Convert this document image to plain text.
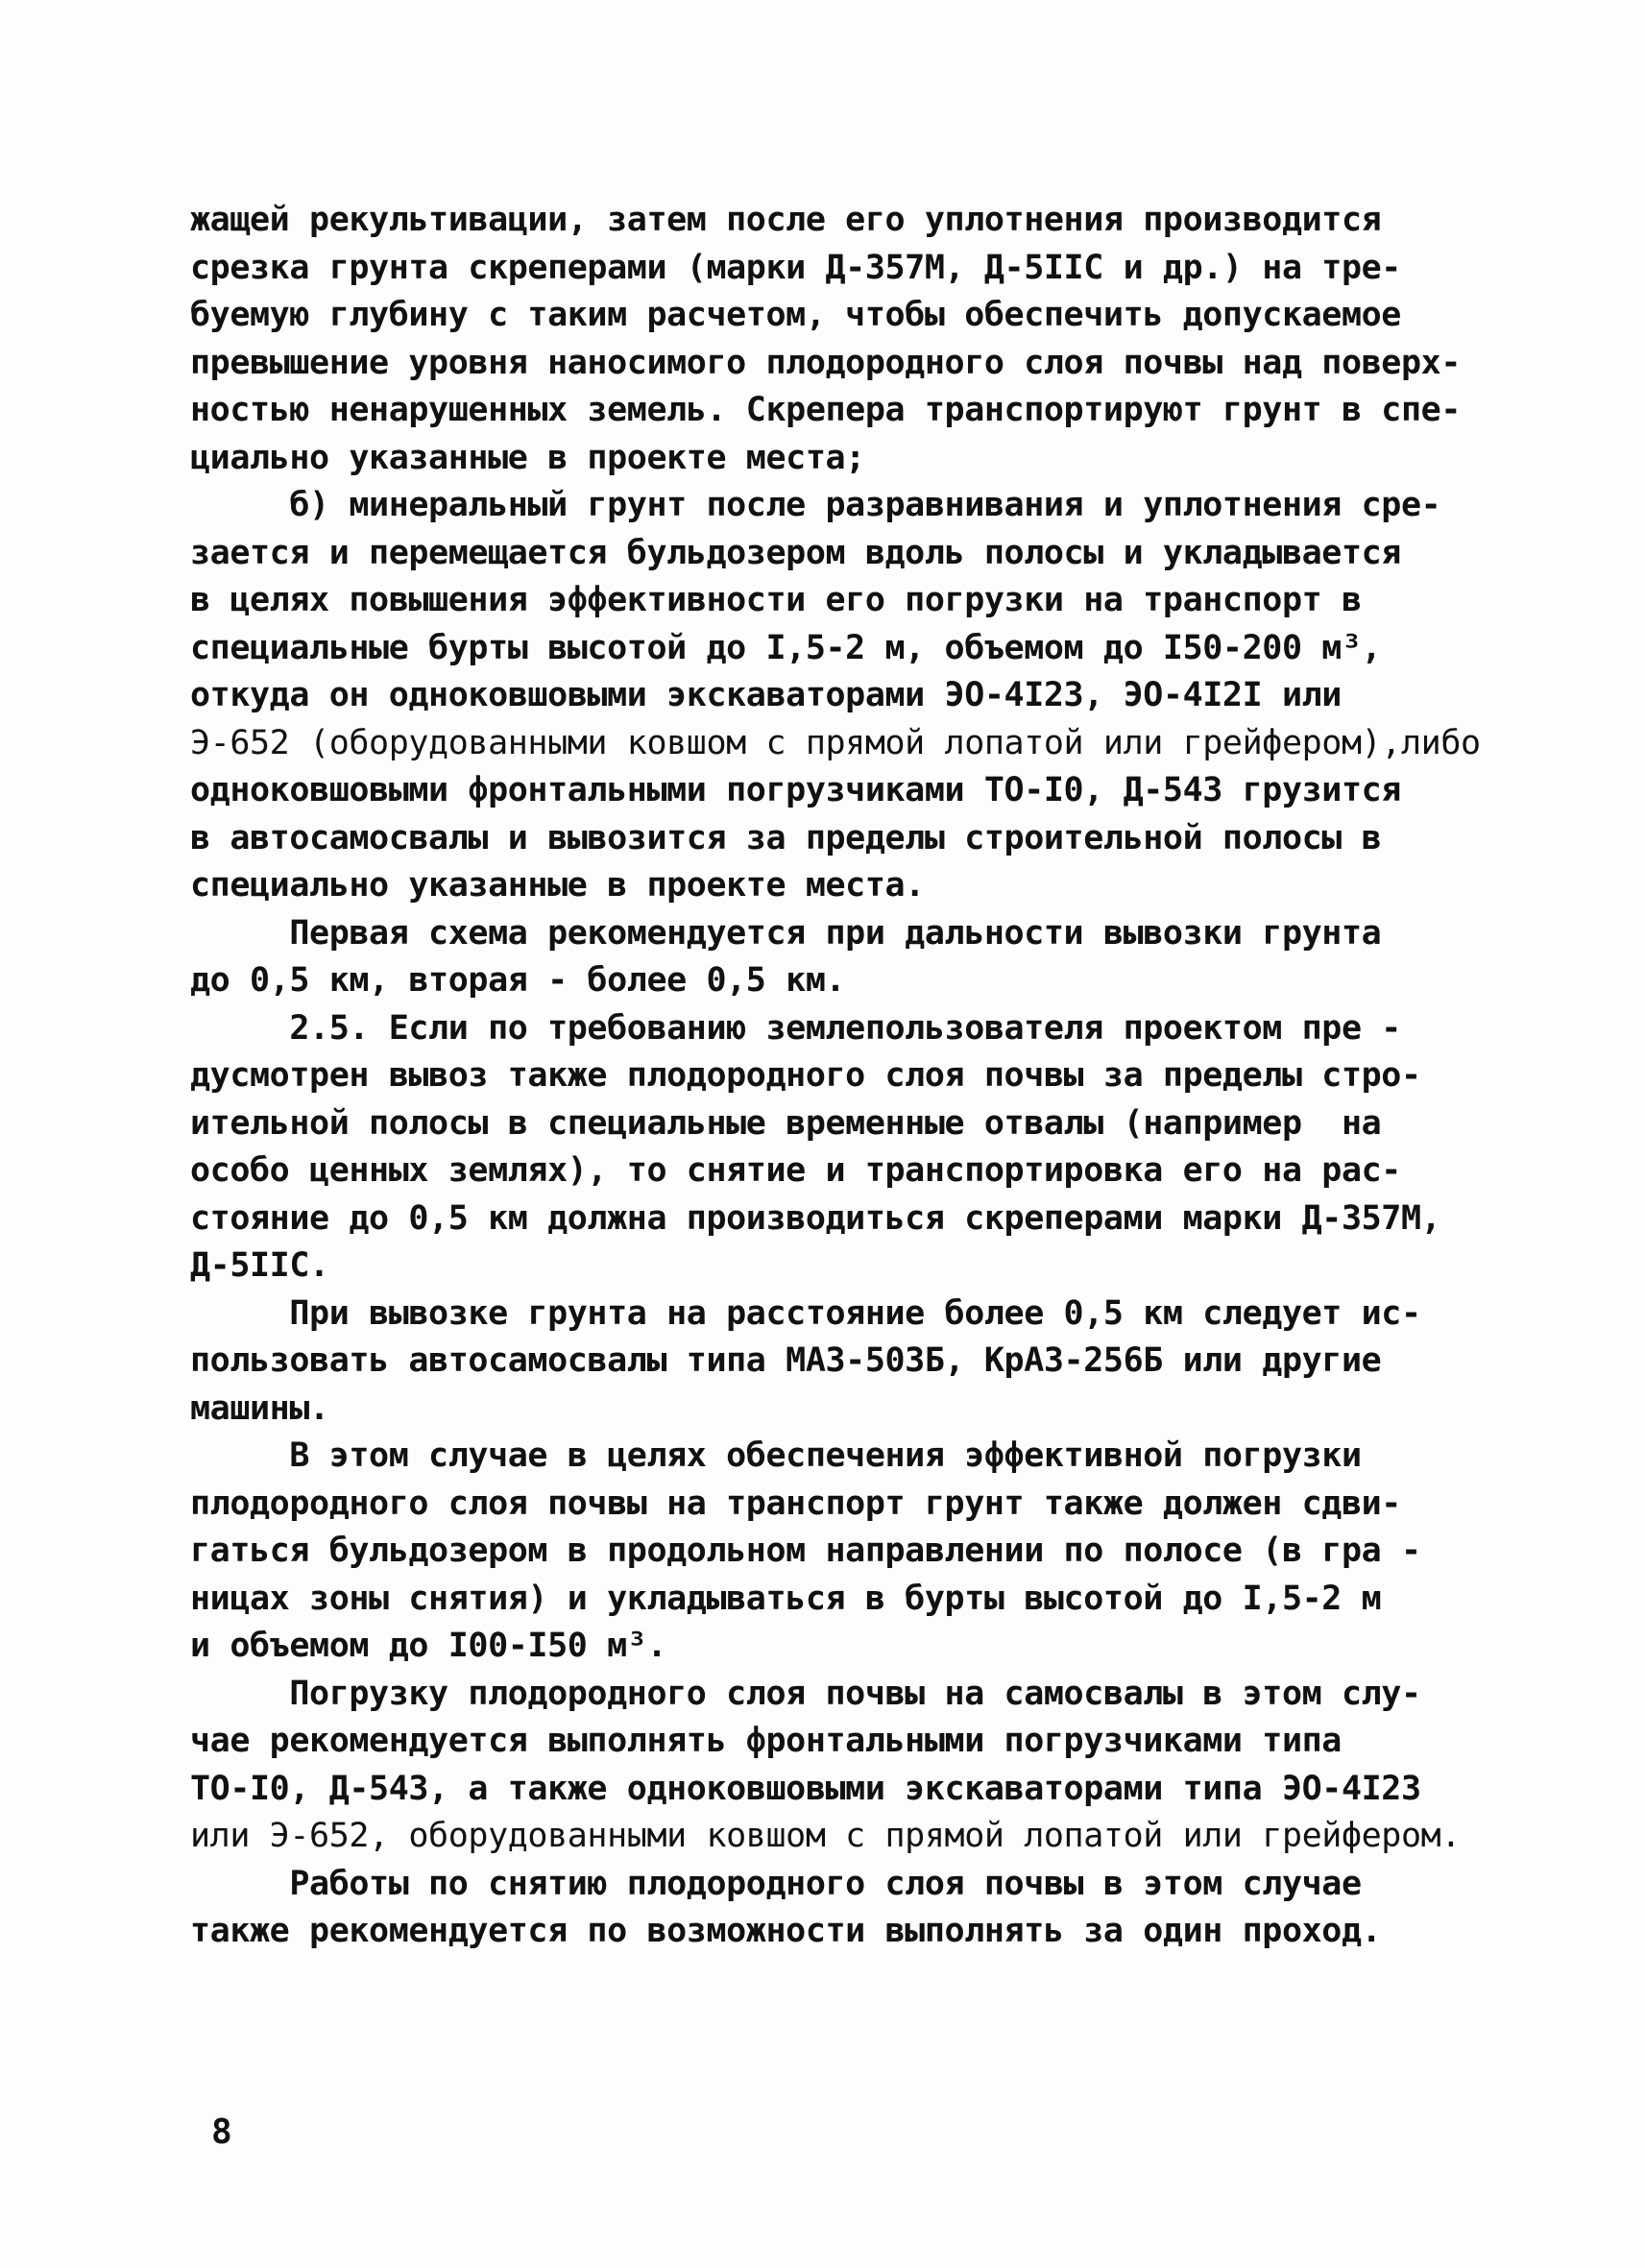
жащей рекультивации, затем после его уплотнения производится
срезка грунта скреперами (марки Д-357М, Д-5IIС и др.) на тре-
буемую глубину с таким расчетом, чтобы обеспечить допускаемое
превышение уровня наносимого плодородного слоя почвы над поверх-
ностью ненарушенных земель. Скрепера транспортируют грунт в спе-
циально указанные в проекте места;
б) минеральный грунт после разравнивания и уплотнения сре-
зается и перемещается бульдозером вдоль полосы и укладывается
в целях повышения эффективности его погрузки на транспорт в
специальные бурты высотой до I,5-2 м, объемом до I50-200 м³,
откуда он одноковшовыми экскаваторами ЭО-4I23, ЭО-4I2I или
Э-652 (оборудованными ковшом с прямой лопатой или грейфером),либо
одноковшовыми фронтальными погрузчиками ТО-I0, Д-543 грузится
в автосамосвалы и вывозится за пределы строительной полосы в
специально указанные в проекте места.
Первая схема рекомендуется при дальности вывозки грунта
до 0,5 км, вторая - более 0,5 км.
2.5. Если по требованию землепользователя проектом пре -
дусмотрен вывоз также плодородного слоя почвы за пределы стро-
ительной полосы в специальные временные отвалы (например  на
особо ценных землях), то снятие и транспортировка его на рас-
стояние до 0,5 км должна производиться скреперами марки Д-357М,
Д-5IIС.
При вывозке грунта на расстояние более 0,5 км следует ис-
пользовать автосамосвалы типа МАЗ-503Б, КрАЗ-256Б или другие
машины.
В этом случае в целях обеспечения эффективной погрузки
плодородного слоя почвы на транспорт грунт также должен сдви-
гаться бульдозером в продольном направлении по полосе (в гра -
ницах зоны снятия) и укладываться в бурты высотой до I,5-2 м
и объемом до I00-I50 м³.
Погрузку плодородного слоя почвы на самосвалы в этом слу-
чае рекомендуется выполнять фронтальными погрузчиками типа
ТО-I0, Д-543, а также одноковшовыми экскаваторами типа ЭО-4I23
или Э-652, оборудованными ковшом с прямой лопатой или грейфером.
Работы по снятию плодородного слоя почвы в этом случае
также рекомендуется по возможности выполнять за один проход.
8
